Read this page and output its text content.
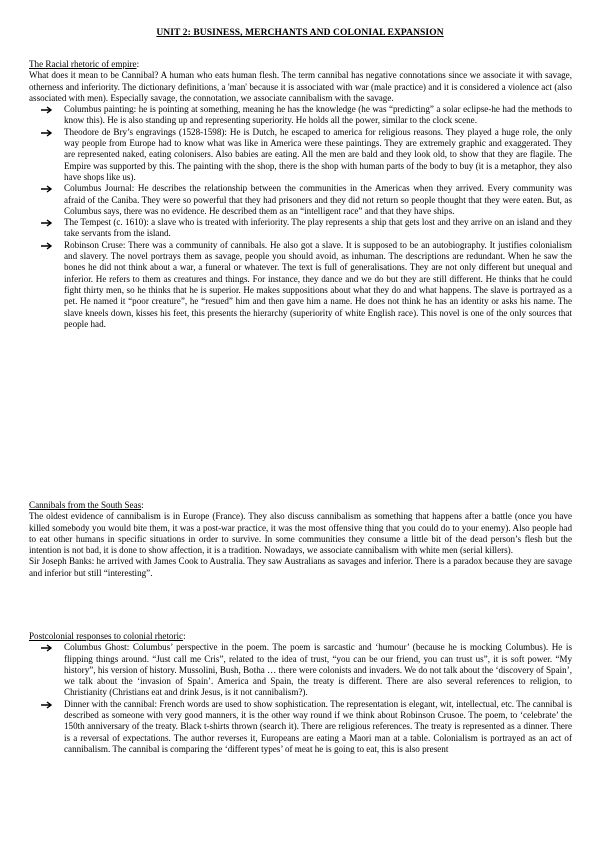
UNIT 2: BUSINESS, MERCHANTS AND COLONIAL EXPANSION
The Racial rhetoric of empire:

What does it mean to be Cannibal? A human who eats human flesh. The term cannibal has negative connotations since we associate it with savage, otherness and inferiority. The dictionary definitions, a 'man' because it is associated with war (male practice) and it is considered a violence act (also associated with men). Especially savage, the connotation, we associate cannibalism with the savage.

Columbus painting: he is pointing at something, meaning he has the knowledge (he was “predicting” a solar eclipse-he had the methods to know this). He is also standing up and representing superiority. He holds all the power, similar to the clock scene.
Theodore de Bry’s engravings (1528-1598): He is Dutch, he escaped to america for religious reasons. They played a huge role, the only way people from Europe had to know what was like in America were these paintings. They are extremely graphic and exaggerated. They are represented naked, eating colonisers. Also babies are eating. All the men are bald and they look old, to show that they are flagile. The Empire was supported by this. The painting with the shop, there is the shop with human parts of the body to buy (it is a metaphor, they also have shops like us).
Columbus Journal: He describes the relationship between the communities in the Americas when they arrived. Every community was afraid of the Caniba. They were so powerful that they had prisoners and they did not return so people thought that they were eaten. But, as Columbus says, there was no evidence. He described them as an “intelligent race” and that they have ships.
The Tempest (c. 1610): a slave who is treated with inferiority. The play represents a ship that gets lost and they arrive on an island and they take servants from the island.
Robinson Cruse: There was a community of cannibals. He also got a slave. It is supposed to be an autobiography. It justifies colonialism and slavery. The novel portrays them as savage, people you should avoid, as inhuman. The descriptions are redundant. When he saw the bones he did not think about a war, a funeral or whatever. The text is full of generalisations. They are not only different but unequal and inferior. He refers to them as creatures and things. For instance, they dance and we do but they are still different. He thinks that he could fight thirty men, so he thinks that he is superior. He makes suppositions about what they do and what happens. The slave is portrayed as a pet. He named it “poor creature”, he “resued” him and then gave him a name. He does not think he has an identity or asks his name. The slave kneels down, kisses his feet, this presents the hierarchy (superiority of white English race). This novel is one of the only sources that people had.
Cannibals from the South Seas:

The oldest evidence of cannibalism is in Europe (France). They also discuss cannibalism as something that happens after a battle (once you have killed somebody you would bite them, it was a post-war practice, it was the most offensive thing that you could do to your enemy). Also people had to eat other humans in specific situations in order to survive. In some communities they consume a little bit of the dead person’s flesh but the intention is not bad, it is done to show affection, it is a tradition. Nowadays, we associate cannibalism with white men (serial killers).

Sir Joseph Banks: he arrived with James Cook to Australia. They saw Australians as savages and inferior. There is a paradox because they are savage and inferior but still “interesting”.

Postcolonial responses to colonial rhetoric:
Columbus Ghost: Columbus’ perspective in the poem. The poem is sarcastic and ‘humour’ (because he is mocking Columbus). He is flipping things around. “Just call me Cris”, related to the idea of trust, “you can be our friend, you can trust us”, it is soft power. “My history”, his version of history. Mussolini, Bush, Botha … there were colonists and invaders. We do not talk about the ‘discovery of Spain’, we talk about the ‘invasion of Spain’. America and Spain, the treaty is different. There are also several references to religion, to Christianity (Christians eat and drink Jesus, is it not cannibalism?).
Dinner with the cannibal: French words are used to show sophistication. The representation is elegant, wit, intellectual, etc. The cannibal is described as someone with very good manners, it is the other way round if we think about Robinson Crusoe. The poem, to ‘celebrate’ the 150th anniversary of the treaty. Black t-shirts thrown (search it). There are religious references. The treaty is represented as a dinner. There is a reversal of expectations. The author reverses it, Europeans are eating a Maori man at a table. Colonialism is portrayed as an act of cannibalism. The cannibal is comparing the ‘different types’ of meat he is going to eat, this is also present
